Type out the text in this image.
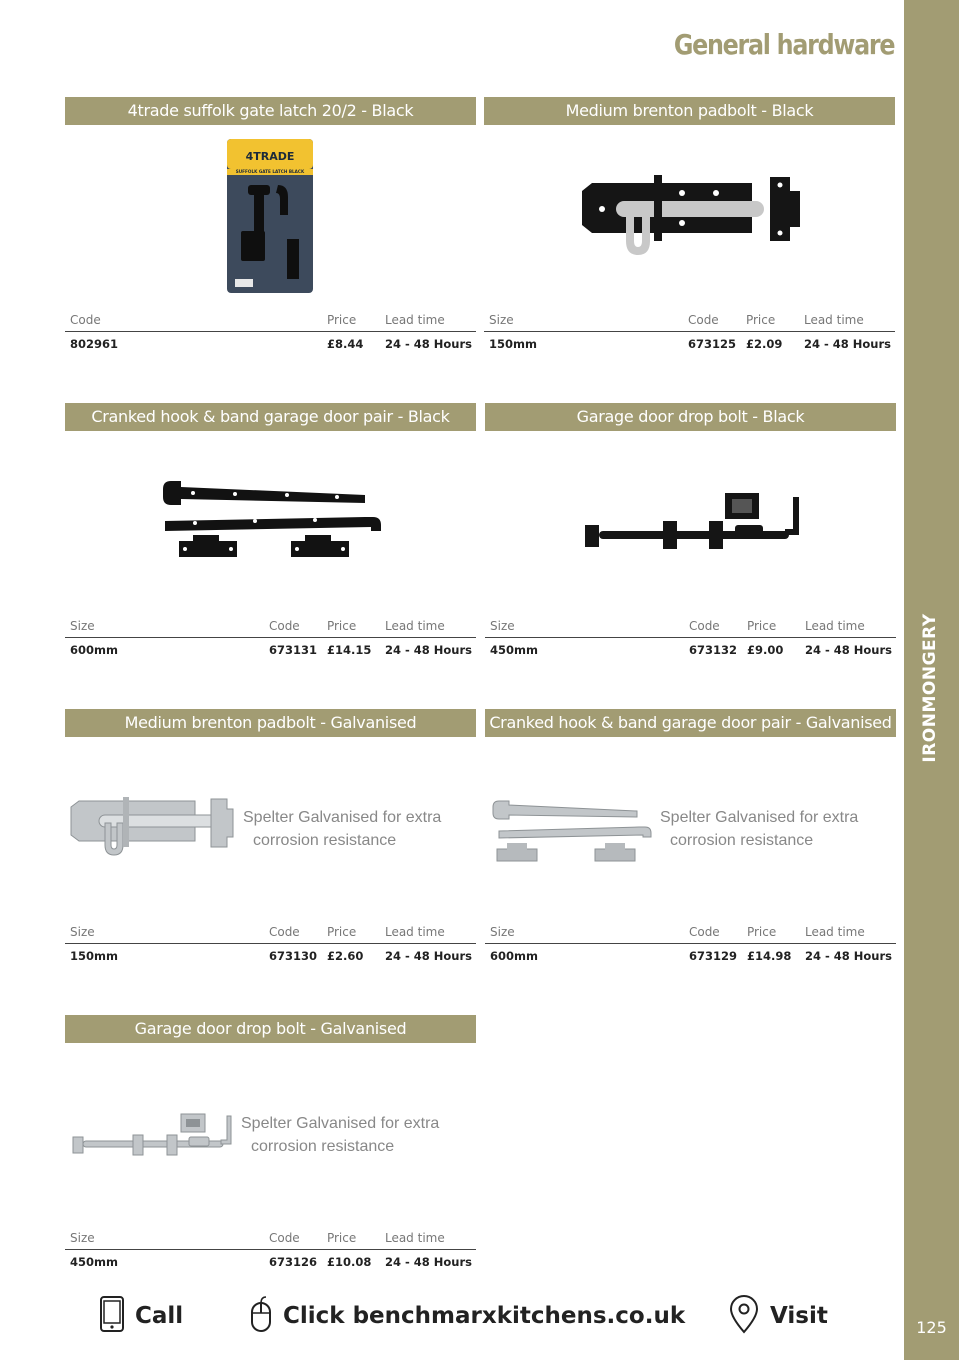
IRONMONGERY
125
General hardware
4trade suffolk gate latch 20/2 - Black
4TRADE
SUFFOLK GATE LATCH BLACK
Code	Price	Lead time
802961	£8.44	24 - 48 Hours
Medium brenton padbolt - Black
Size	Code	Price	Lead time
150mm	673125	£2.09	24 - 48 Hours
Cranked hook & band garage door pair - Black
Size	Code	Price	Lead time
600mm	673131	£14.15	24 - 48 Hours
Garage door drop bolt - Black
Size	Code	Price	Lead time
450mm	673132	£9.00	24 - 48 Hours
Medium brenton padbolt - Galvanised
Spelter Galvanised for extra
corrosion resistance
Size	Code	Price	Lead time
150mm	673130	£2.60	24 - 48 Hours
Cranked hook & band garage door pair - Galvanised
Spelter Galvanised for extra
corrosion resistance
Size	Code	Price	Lead time
600mm	673129	£14.98	24 - 48 Hours
Garage door drop bolt - Galvanised
Spelter Galvanised for extra
corrosion resistance
Size	Code	Price	Lead time
450mm	673126	£10.08	24 - 48 Hours
Call	Click benchmarxkitchens.co.uk	Visit
